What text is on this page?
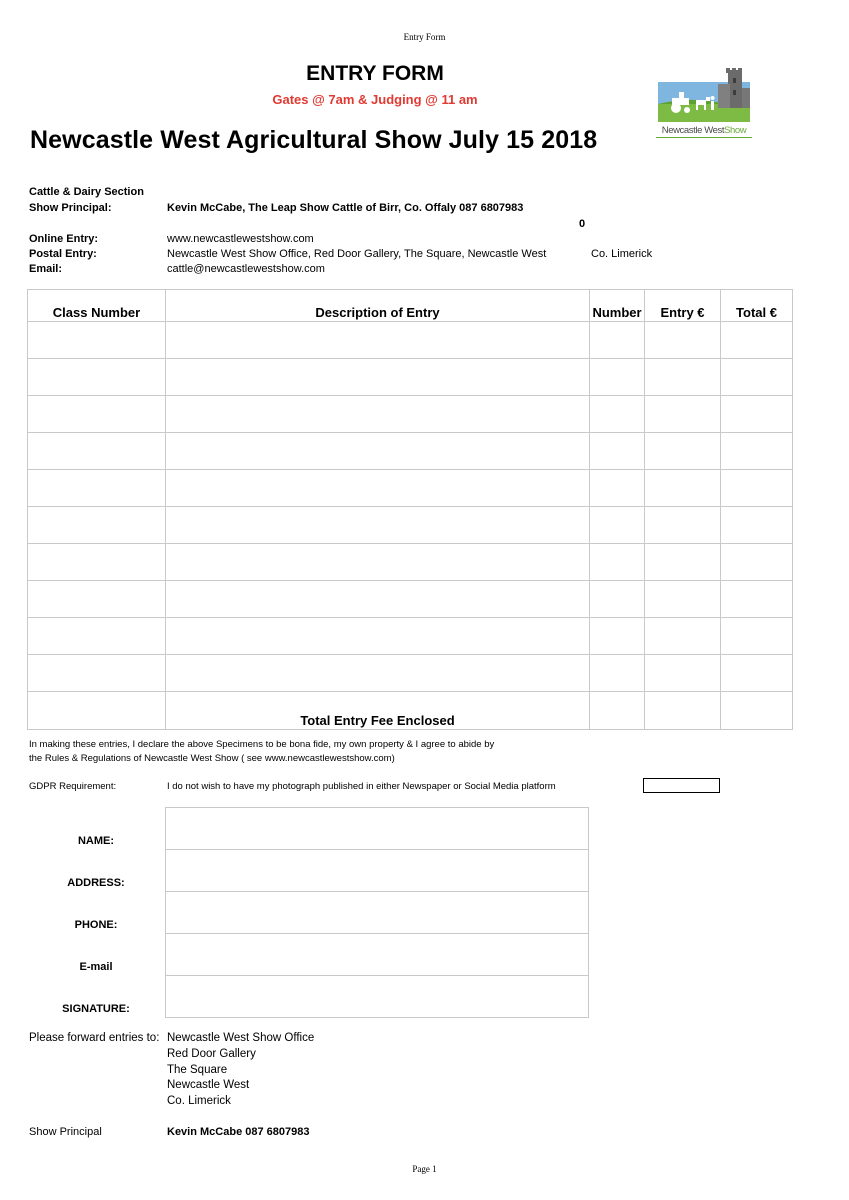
Entry Form
ENTRY FORM
Gates @ 7am & Judging @ 11 am
Newcastle West Agricultural Show July 15 2018	Newcastle WestShow
Cattle & Dairy Section
Show Principal:	Kevin McCabe, The Leap Show Cattle of Birr, Co. Offaly 087 6807983
0
Online Entry:	www.newcastlewestshow.com
Postal Entry:	Newcastle West Show Office, Red Door Gallery, The Square, Newcastle West	Co. Limerick
Email:	cattle@newcastlewestshow.com
Class Number	Description of Entry	Number	Entry €	Total €

	Total Entry Fee Enclosed			
In making these entries, I declare the above Specimens to be bona fide, my own property & I agree to abide by
the Rules & Regulations of Newcastle West Show ( see www.newcastlewestshow.com)
GDPR Requirement:	I do not wish to have my photograph published in either Newspaper or Social Media platform
NAME:
ADDRESS:
PHONE:
E-mail
SIGNATURE:

Please forward entries to: Newcastle West Show Office
Red Door Gallery
The Square
Newcastle West
Co. Limerick
Show Principal	Kevin McCabe 087 6807983
Page 1
